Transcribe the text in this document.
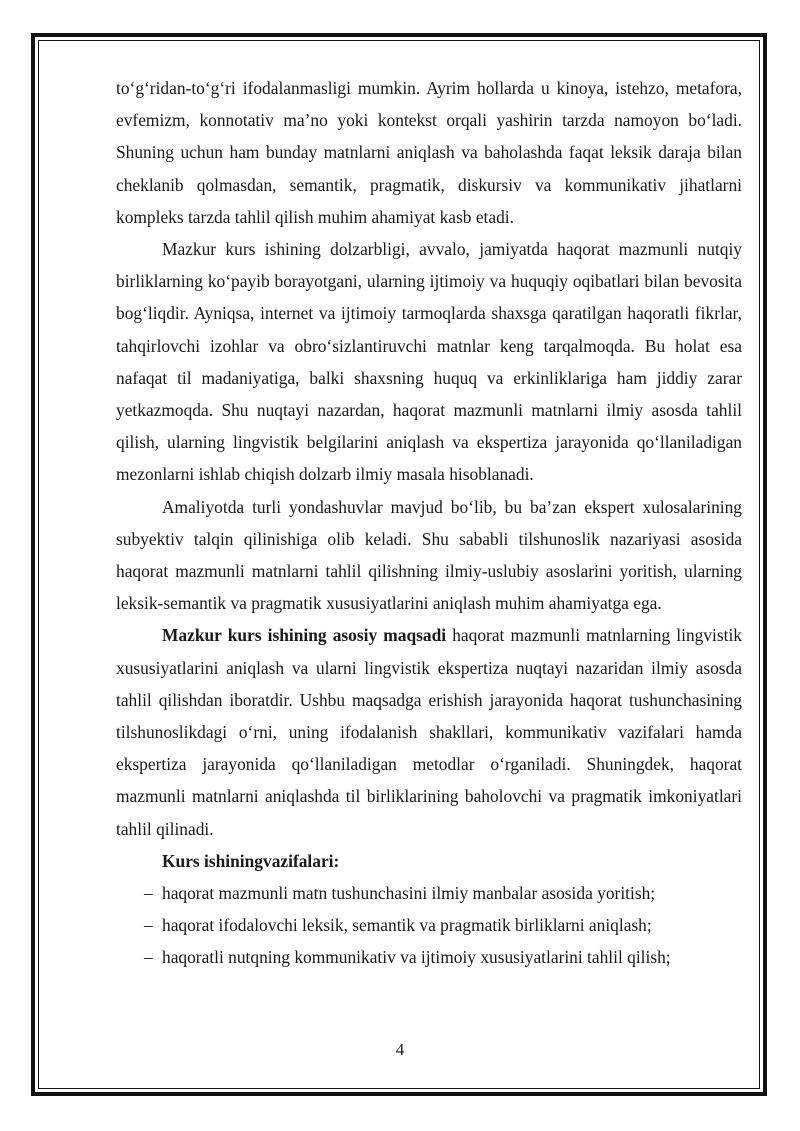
to‘g‘ridan-to‘g‘ri ifodalanmasligi mumkin. Ayrim hollarda u kinoya, istehzo, metafora, evfemizm, konnotativ ma’no yoki kontekst orqali yashirin tarzda namoyon bo‘ladi. Shuning uchun ham bunday matnlarni aniqlash va baholashda faqat leksik daraja bilan cheklanib qolmasdan, semantik, pragmatik, diskursiv va kommunikativ jihatlarni kompleks tarzda tahlil qilish muhim ahamiyat kasb etadi.

Mazkur kurs ishining dolzarbligi, avvalo, jamiyatda haqorat mazmunli nutqiy birliklarning ko‘payib borayotgani, ularning ijtimoiy va huquqiy oqibatlari bilan bevosita bog‘liqdir. Ayniqsa, internet va ijtimoiy tarmoqlarda shaxsga qaratilgan haqoratli fikrlar, tahqirlovchi izohlar va obro‘sizlantiruvchi matnlar keng tarqalmoqda. Bu holat esa nafaqat til madaniyatiga, balki shaxsning huquq va erkinliklariga ham jiddiy zarar yetkazmoqda. Shu nuqtayi nazardan, haqorat mazmunli matnlarni ilmiy asosda tahlil qilish, ularning lingvistik belgilarini aniqlash va ekspertiza jarayonida qo‘llaniladigan mezonlarni ishlab chiqish dolzarb ilmiy masala hisoblanadi.

Amaliyotda turli yondashuvlar mavjud bo‘lib, bu ba’zan ekspert xulosalarining subyektiv talqin qilinishiga olib keladi. Shu sababli tilshunoslik nazariyasi asosida haqorat mazmunli matnlarni tahlil qilishning ilmiy-uslubiy asoslarini yoritish, ularning leksik-semantik va pragmatik xususiyatlarini aniqlash muhim ahamiyatga ega.

Mazkur kurs ishining asosiy maqsadi haqorat mazmunli matnlarning lingvistik xususiyatlarini aniqlash va ularni lingvistik ekspertiza nuqtayi nazaridan ilmiy asosda tahlil qilishdan iboratdir. Ushbu maqsadga erishish jarayonida haqorat tushunchasining tilshunoslikdagi o‘rni, uning ifodalanish shakllari, kommunikativ vazifalari hamda ekspertiza jarayonida qo‘llaniladigan metodlar o‘rganiladi. Shuningdek, haqorat mazmunli matnlarni aniqlashda til birliklarining baholovchi va pragmatik imkoniyatlari tahlil qilinadi.

Kurs ishiningvazifalari:

– haqorat mazmunli matn tushunchasini ilmiy manbalar asosida yoritish;

– haqorat ifodalovchi leksik, semantik va pragmatik birliklarni aniqlash;

– haqoratli nutqning kommunikativ va ijtimoiy xususiyatlarini tahlil qilish;

4
